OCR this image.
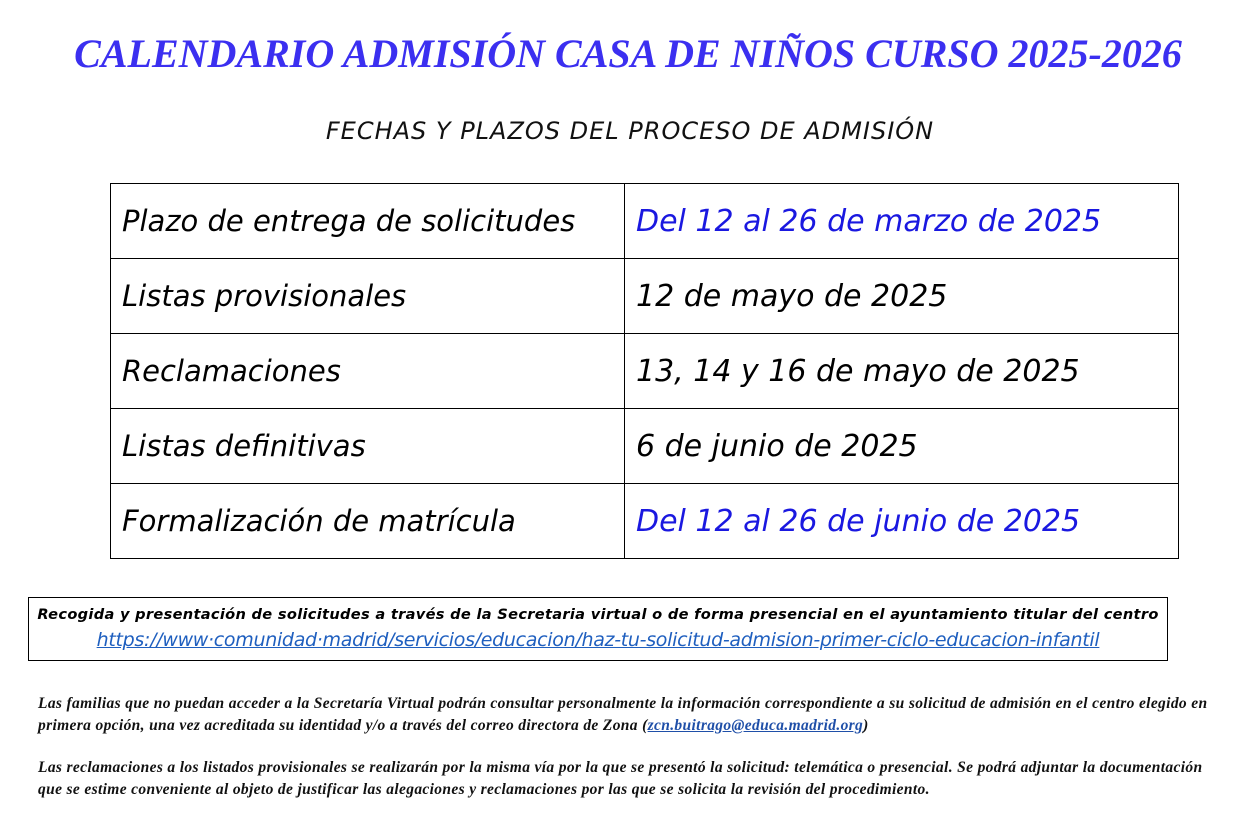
CALENDARIO ADMISIÓN CASA DE NIÑOS CURSO 2025-2026
FECHAS Y PLAZOS DEL PROCESO DE ADMISIÓN
Plazo de entrega de solicitudes	Del 12 al 26 de marzo de 2025
Listas provisionales	12 de mayo de 2025
Reclamaciones	13, 14 y 16 de mayo de 2025
Listas definitivas	6 de junio de 2025
Formalización de matrícula	Del 12 al 26 de junio de 2025
Recogida y presentación de solicitudes a través de la Secretaria virtual o de forma presencial en el ayuntamiento titular del centro
https://www·comunidad·madrid/servicios/educacion/haz-tu-solicitud-admision-primer-ciclo-educacion-infantil
Las familias que no puedan acceder a la Secretaría Virtual podrán consultar personalmente la información correspondiente a su solicitud de admisión en el centro elegido en primera opción, una vez acreditada su identidad y/o a través del correo directora de Zona (zcn.buitrago@educa.madrid.org)
Las reclamaciones a los listados provisionales se realizarán por la misma vía por la que se presentó la solicitud: telemática o presencial. Se podrá adjuntar la documentación que se estime conveniente al objeto de justificar las alegaciones y reclamaciones por las que se solicita la revisión del procedimiento.
